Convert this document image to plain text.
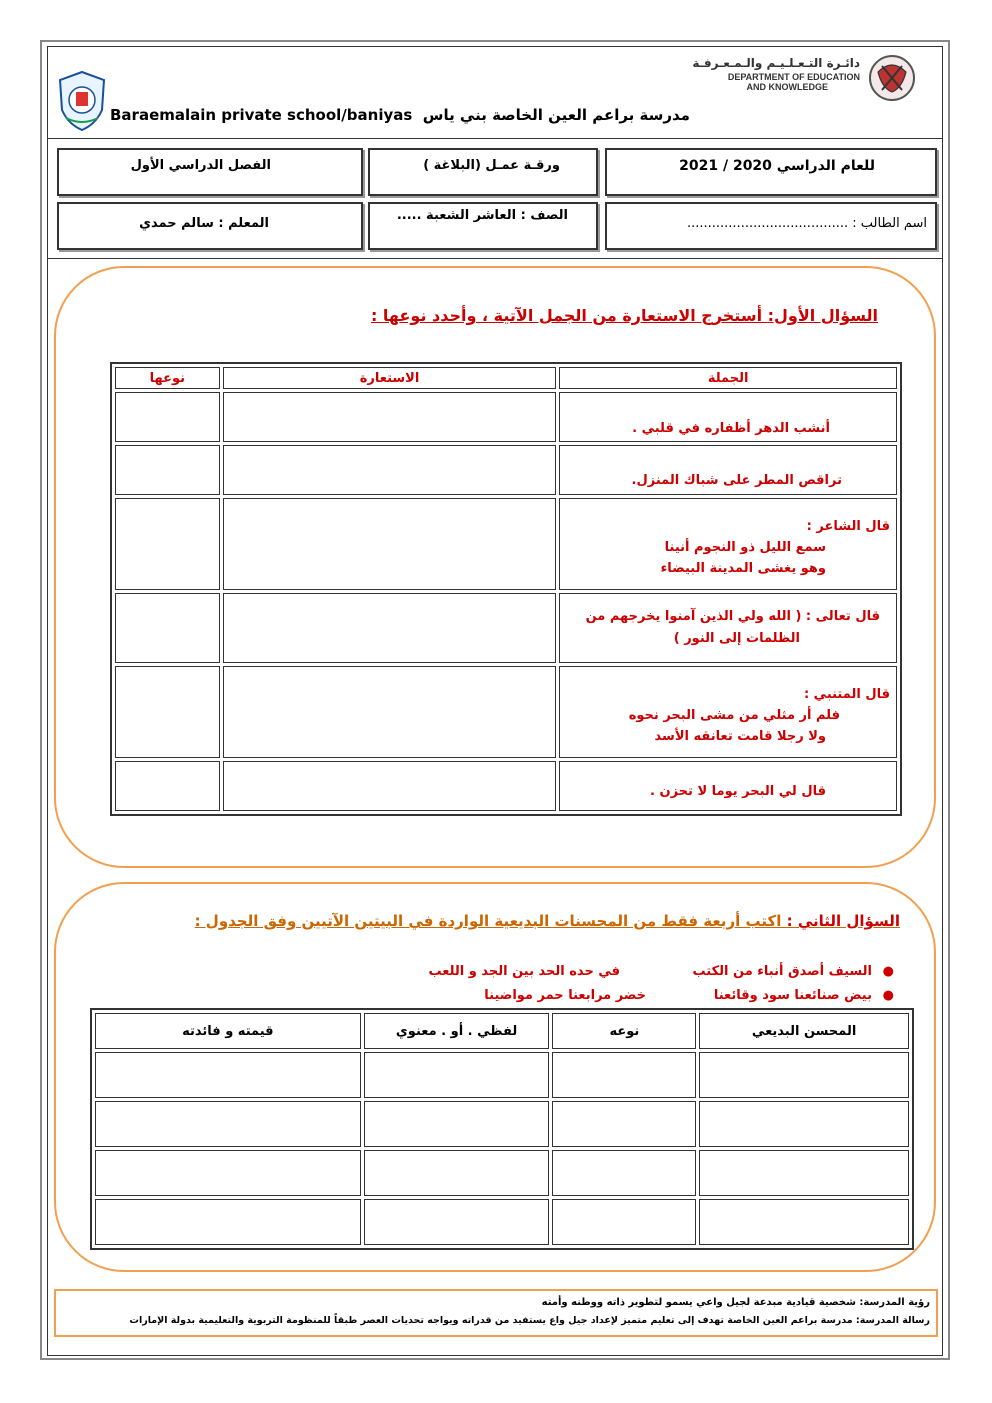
Baraemalain private school/baniyas مدرسة براعم العين الخاصة بني ياس
دائـرة التـعـلـيـم والـمـعـرفـة
DEPARTMENT OF EDUCATION
AND KNOWLEDGE
للعام الدراسي 2020 / 2021
ورقـة عمـل (البلاغة )
الفصل الدراسي الأول
اسم الطالب : .......................................
الصف : العاشر الشعبة .....
المعلم : سالم حمدي
السؤال الأول: أستخرج الاستعارة من الجمل الآتية ، وأحدد نوعها :
الجملة	الاستعارة	نوعها

أنشب الدهر أظفاره في قلبي .		

تراقص المطر على شباك المنزل.		

قال الشاعر :
سمع الليل ذو النجوم أنينا
وهو يغشى المدينة البيضاء		

قال تعالى : ( الله ولي الذين آمنوا يخرجهم من
الظلمات إلى النور )		

قال المتنبي :
فلم أر مثلي من مشى البحر نحوه
ولا رجلا قامت تعانقه الأسد		

قال لي البحر يوما لا تحزن .		

السؤال الثاني : اكتب أربعة فقط من المحسنات البديعية الواردة في البيتين الآتيين وفق الجدول :
●
السيف أصدق أنباء من الكتب
في حده الحد بين الجد و اللعب
●
بيض صنائعنا سود وقائعنا
خضر مرابعنا حمر مواضينا
المحسن البديعي	نوعه	لفظي . أو . معنوي	قيمته و فائدته

رؤية المدرسة: شخصية قيادية مبدعة لجيل واعي يسمو لتطوير ذاته ووطنه وأمته
رسالة المدرسة: مدرسة براعم العين الخاصة تهدف إلى تعليم متميز لإعداد جيل واع يستفيد من قدراته ويواجه تحديات العصر طبقاً للمنظومة التربوية والتعليمية بدولة الإمارات
